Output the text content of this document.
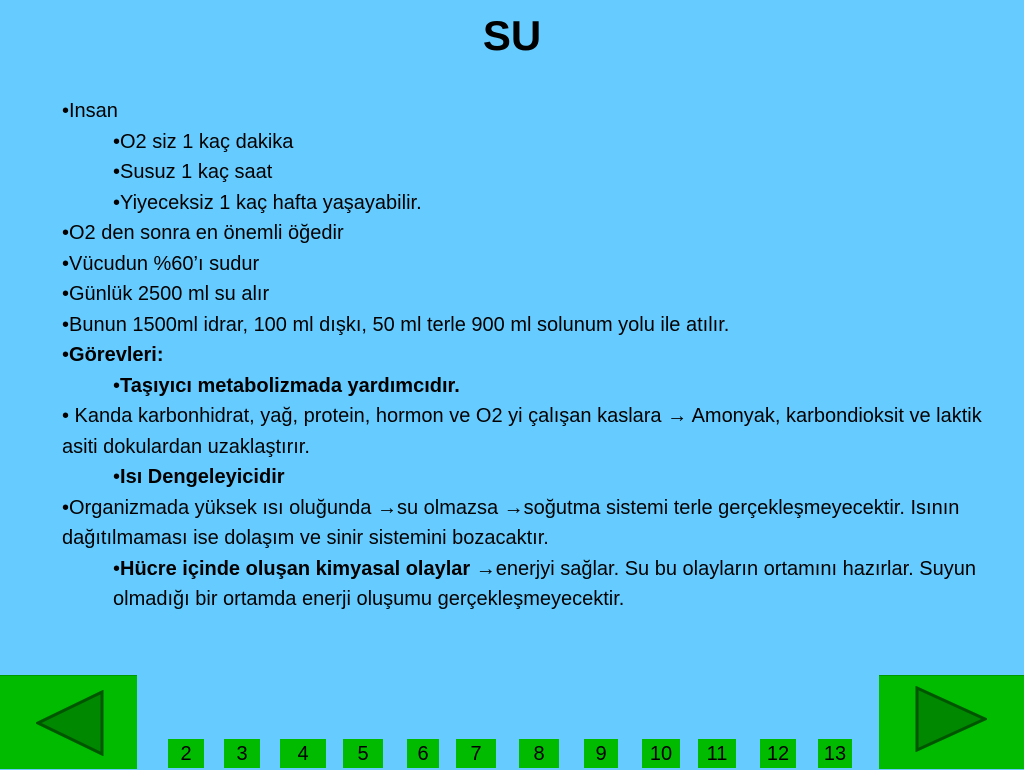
SU
•Insan
•O2 siz 1 kaç dakika
•Susuz 1 kaç saat
•Yiyeceksiz 1 kaç hafta yaşayabilir.
•O2 den sonra en önemli öğedir
•Vücudun %60’ı sudur
•Günlük 2500 ml su alır
•Bunun 1500ml idrar, 100 ml dışkı, 50 ml terle 900 ml solunum yolu ile atılır.
•Görevleri:
•Taşıyıcı metabolizmada yardımcıdır.
• Kanda karbonhidrat, yağ, protein, hormon ve O2 yi çalışan kaslara → Amonyak, karbondioksit ve laktik asiti dokulardan uzaklaştırır.
•Isı Dengeleyicidir
•Organizmada yüksek ısı oluğunda →su olmazsa →soğutma sistemi terle gerçekleşmeyecektir. Isının dağıtılmaması ise dolaşım ve sinir sistemini bozacaktır.
•Hücre içinde oluşan kimyasal olaylar →enerjyi sağlar. Su bu olayların ortamını hazırlar. Suyun olmadığı bir ortamda enerji oluşumu gerçekleşmeyecektir.
2	3	4	5	6	7	8	9	10	11	12	13
